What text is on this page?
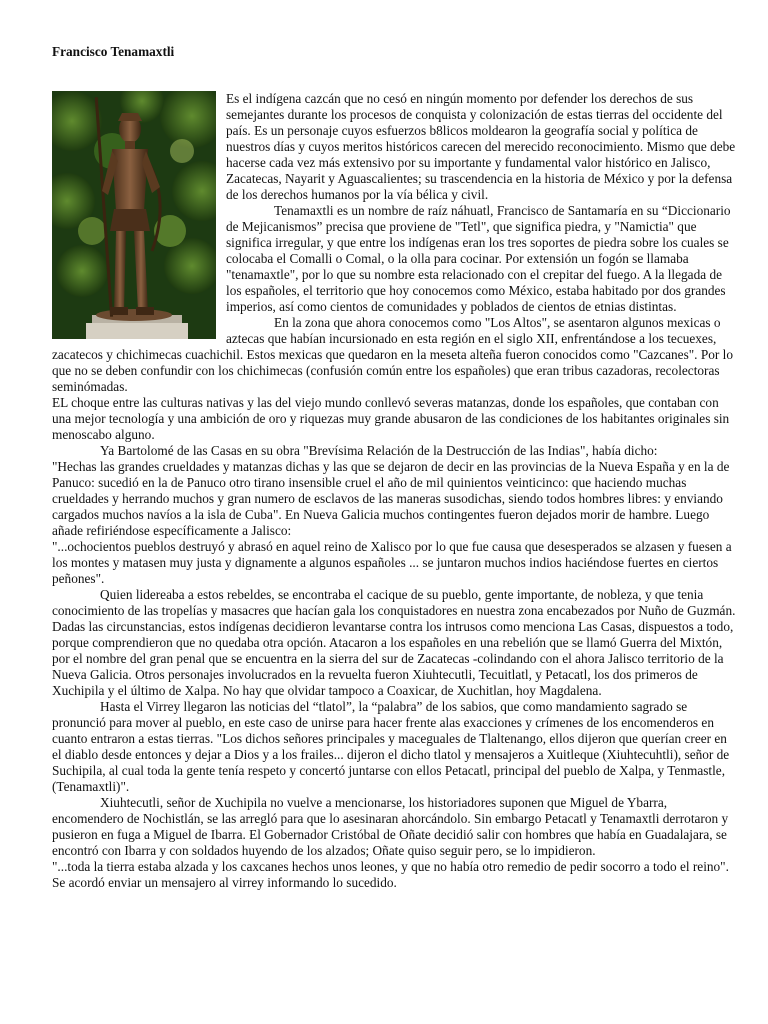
Francisco Tenamaxtli

Es el indígena cazcán que no cesó en ningún momento por defender los derechos de sus semejantes durante los procesos de conquista y colonización de estas tierras del occidente del país. Es un personaje cuyos esfuerzos b8licos moldearon la geografía social y política de nuestros días y cuyos meritos históricos carecen del merecido reconocimiento. Mismo que debe hacerse cada vez más extensivo por su importante y fundamental valor histórico en Jalisco, Zacatecas, Nayarit y Aguascalientes; su trascendencia en la historia de México y por la defensa de los derechos humanos por la vía bélica y civil.

Tenamaxtli es un nombre de raíz náhuatl, Francisco de Santamaría en su “Diccionario de Mejicanismos” precisa que proviene de "Tetl", que significa piedra, y "Namictia" que significa irregular, y que entre los indígenas eran los tres soportes de piedra sobre los cuales se colocaba el Comalli o Comal, o la olla para cocinar. Por extensión un fogón se llamaba "tenamaxtle", por lo que su nombre esta relacionado con el crepitar del fuego. A la llegada de los españoles, el territorio que hoy conocemos como México, estaba habitado por dos grandes imperios, así como cientos de comunidades y poblados de cientos de etnias distintas.

En la zona que ahora conocemos como "Los Altos", se asentaron algunos mexicas o aztecas que habían incursionado en esta región en el siglo XII, enfrentándose a los tecuexes, zacatecos y chichimecas cuachichil. Estos mexicas que quedaron en la meseta alteña fueron conocidos como "Cazcanes". Por lo que no se deben confundir con los chichimecas (confusión común entre los españoles) que eran tribus cazadoras, recolectoras seminómadas.

EL choque entre las culturas nativas y las del viejo mundo conllevó severas matanzas, donde los españoles, que contaban con una mejor tecnología y una ambición de oro y riquezas muy grande abusaron de las condiciones de los habitantes originales sin menoscabo alguno.

Ya Bartolomé de las Casas en su obra "Brevísima Relación de la Destrucción de las Indias", había dicho:

"Hechas las grandes crueldades y matanzas dichas y las que se dejaron de decir en las provincias de la Nueva España y en la de Panuco: sucedió en la de Panuco otro tirano insensible cruel el año de mil quinientos veinticinco: que haciendo muchas crueldades y herrando muchos y gran numero de esclavos de las maneras susodichas, siendo todos hombres libres: y enviando cargados muchos navíos a la isla de Cuba". En Nueva Galicia muchos contingentes fueron dejados morir de hambre. Luego añade refiriéndose específicamente a Jalisco:

"...ochocientos pueblos destruyó y abrasó en aquel reino de Xalisco por lo que fue causa que desesperados se alzasen y fuesen a los montes y matasen muy justa y dignamente a algunos españoles ... se juntaron muchos indios haciéndose fuertes en ciertos peñones".

Quien lidereaba a estos rebeldes, se encontraba el cacique de su pueblo, gente importante, de nobleza, y que tenia conocimiento de las tropelías y masacres que hacían gala los conquistadores en nuestra zona encabezados por Nuño de Guzmán. Dadas las circunstancias, estos indígenas decidieron levantarse contra los intrusos como menciona Las Casas, dispuestos a todo, porque comprendieron que no quedaba otra opción. Atacaron a los españoles en una rebelión que se llamó Guerra del Mixtón, por el nombre del gran penal que se encuentra en la sierra del sur de Zacatecas -colindando con el ahora Jalisco territorio de la Nueva Galicia. Otros personajes involucrados en la revuelta fueron Xiuhtecutli, Tecuitlatl, y Petacatl, los dos primeros de Xuchipila y el último de Xalpa. No hay que olvidar tampoco a Coaxicar, de Xuchitlan, hoy Magdalena.

Hasta el Virrey llegaron las noticias del “tlatol”, la “palabra” de los sabios, que como mandamiento sagrado se pronunció para mover al pueblo, en este caso de unirse para hacer frente alas exacciones y crímenes de los encomenderos en cuanto entraron a estas tierras. "Los dichos señores principales y maceguales de Tlaltenango, ellos dijeron que querían creer en el diablo desde entonces y dejar a Dios y a los frailes... dijeron el dicho tlatol y mensajeros a Xuitleque (Xiuhtecuhtli), señor de Suchipila, al cual toda la gente tenía respeto y concertó juntarse con ellos Petacatl, principal del pueblo de Xalpa, y Tenmastle, (Tenamaxtli)".

Xiuhtecutli, señor de Xuchipila no vuelve a mencionarse, los historiadores suponen que Miguel de Ybarra, encomendero de Nochistlán, se las arregló para que lo asesinaran ahorcándolo. Sin embargo Petacatl y Tenamaxtli derrotaron y pusieron en fuga a Miguel de Ibarra. El Gobernador Cristóbal de Oñate decidió salir con hombres que había en Guadalajara, se encontró con Ibarra y con soldados huyendo de los alzados; Oñate quiso seguir pero, se lo impidieron.

"...toda la tierra estaba alzada y los caxcanes hechos unos leones, y que no había otro remedio de pedir socorro a todo el reino". Se acordó enviar un mensajero al virrey informando lo sucedido.
